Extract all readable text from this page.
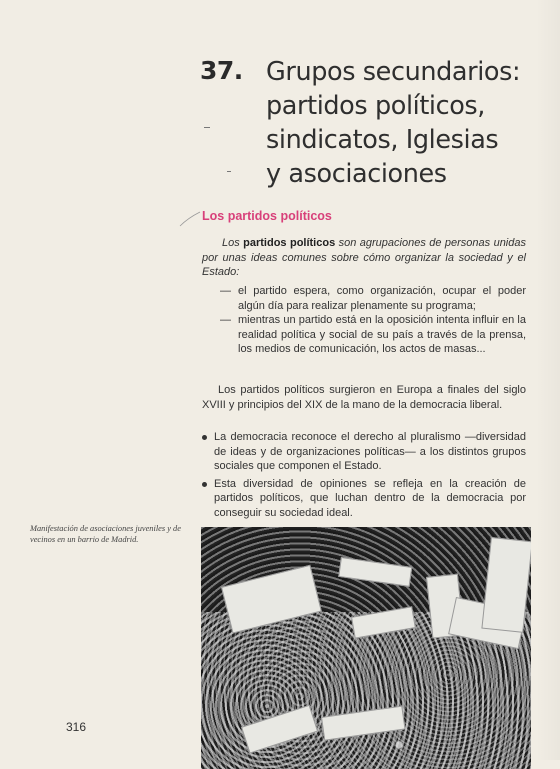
37. Grupos secundarios:
partidos políticos,
sindicatos, Iglesias
y asociaciones
Los partidos políticos
Los partidos políticos son agrupaciones de personas unidas por unas ideas comunes sobre cómo organizar la sociedad y el Estado:
— el partido espera, como organización, ocupar el poder algún día para realizar plenamente su programa;
— mientras un partido está en la oposición intenta influir en la realidad política y social de su país a través de la prensa, los medios de comunicación, los actos de masas...
Los partidos políticos surgieron en Europa a finales del siglo XVIII y principios del XIX de la mano de la democracia liberal.
La democracia reconoce el derecho al pluralismo —diversidad de ideas y de organizaciones políticas— a los distintos grupos sociales que componen el Estado.
Esta diversidad de opiniones se refleja en la creación de partidos políticos, que luchan dentro de la democracia por conseguir su sociedad ideal.
Manifestación de asociaciones juveniles y de vecinos en un barrio de Madrid.
316
